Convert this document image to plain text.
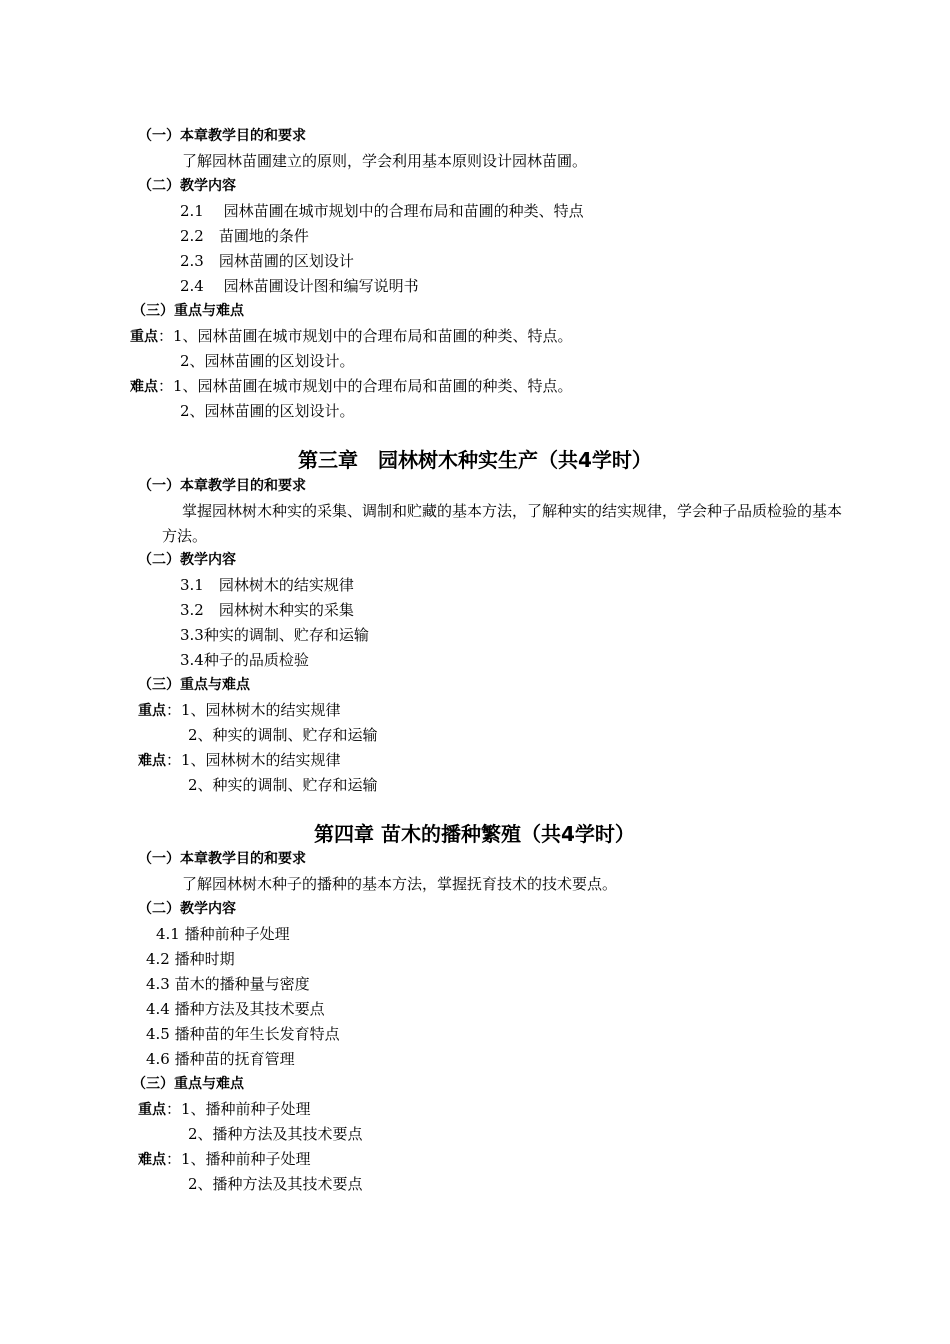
（一）本章教学目的和要求
了解园林苗圃建立的原则，学会利用基本原则设计园林苗圃。
（二）教学内容
2.1　 园林苗圃在城市规划中的合理布局和苗圃的种类、特点
2.2　苗圃地的条件
2.3　园林苗圃的区划设计
2.4　 园林苗圃设计图和编写说明书
（三）重点与难点
重点：1、园林苗圃在城市规划中的合理布局和苗圃的种类、特点。
2、园林苗圃的区划设计。
难点：1、园林苗圃在城市规划中的合理布局和苗圃的种类、特点。
2、园林苗圃的区划设计。
第三章　园林树木种实生产（共4学时）
（一）本章教学目的和要求
掌握园林树木种实的采集、调制和贮藏的基本方法，了解种实的结实规律，学会种子品质检验的基本方法。
（二）教学内容
3.1　园林树木的结实规律
3.2　园林树木种实的采集
3.3种实的调制、贮存和运输
3.4种子的品质检验
（三）重点与难点
重点：1、园林树木的结实规律
2、种实的调制、贮存和运输
难点：1、园林树木的结实规律
2、种实的调制、贮存和运输
第四章 苗木的播种繁殖（共4学时）
（一）本章教学目的和要求
了解园林树木种子的播种的基本方法，掌握抚育技术的技术要点。
（二）教学内容
4.1 播种前种子处理
4.2 播种时期
4.3 苗木的播种量与密度
4.4 播种方法及其技术要点
4.5 播种苗的年生长发育特点
4.6 播种苗的抚育管理
（三）重点与难点
重点：1、播种前种子处理
2、播种方法及其技术要点
难点：1、播种前种子处理
2、播种方法及其技术要点
